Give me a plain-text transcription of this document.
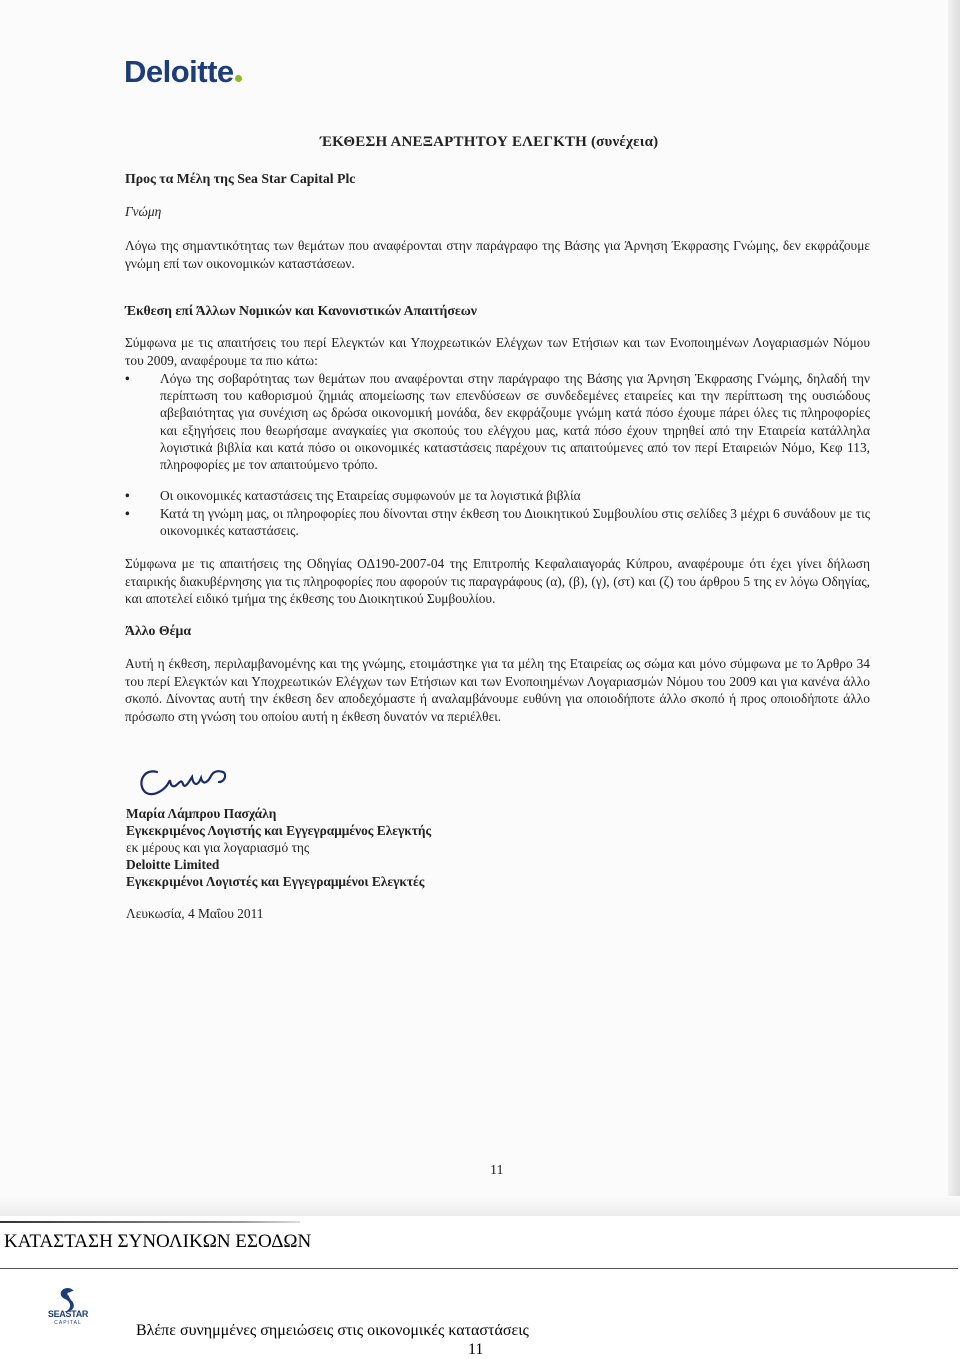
Deloitte
ΈΚΘΕΣΗ ΑΝΕΞΑΡΤΗΤΟΥ ΕΛΕΓΚΤΗ (συνέχεια)
Προς τα Μέλη της Sea Star Capital Plc
Γνώμη

Λόγω της σημαντικότητας των θεμάτων που αναφέρονται στην παράγραφο της Βάσης για Άρνηση Έκφρασης Γνώμης, δεν εκφράζουμε γνώμη επί των οικονομικών καταστάσεων.

Έκθεση επί Άλλων Νομικών και Κανονιστικών Απαιτήσεων

Σύμφωνα με τις απαιτήσεις του περί Ελεγκτών και Υποχρεωτικών Ελέγχων των Ετήσιων και των Ενοποιημένων Λογαριασμών Νόμου του 2009, αναφέρουμε τα πιο κάτω:

•	Λόγω της σοβαρότητας των θεμάτων που αναφέρονται στην παράγραφο της Βάσης για Άρνηση Έκφρασης Γνώμης, δηλαδή την περίπτωση του καθορισμού ζημιάς απομείωσης των επενδύσεων σε συνδεδεμένες εταιρείες και την περίπτωση της ουσιώδους αβεβαιότητας για συνέχιση ως δρώσα οικονομική μονάδα, δεν εκφράζουμε γνώμη κατά πόσο έχουμε πάρει όλες τις πληροφορίες και εξηγήσεις που θεωρήσαμε αναγκαίες για σκοπούς του ελέγχου μας, κατά πόσο έχουν τηρηθεί από την Εταιρεία κατάλληλα λογιστικά βιβλία και κατά πόσο οι οικονομικές καταστάσεις παρέχουν τις απαιτούμενες από τον περί Εταιρειών Νόμο, Κεφ 113, πληροφορίες με τον απαιτούμενο τρόπο.
•	Οι οικονομικές καταστάσεις της Εταιρείας συμφωνούν με τα λογιστικά βιβλία
•	Κατά τη γνώμη μας, οι πληροφορίες που δίνονται στην έκθεση του Διοικητικού Συμβουλίου στις σελίδες 3 μέχρι 6 συνάδουν με τις οικονομικές καταστάσεις.

Σύμφωνα με τις απαιτήσεις της Οδηγίας ΟΔ190-2007-04 της Επιτροπής Κεφαλαιαγοράς Κύπρου, αναφέρουμε ότι έχει γίνει δήλωση εταιρικής διακυβέρνησης για τις πληροφορίες που αφορούν τις παραγράφους (α), (β), (γ), (στ) και (ζ) του άρθρου 5 της εν λόγω Οδηγίας, και αποτελεί ειδικό τμήμα της έκθεσης του Διοικητικού Συμβουλίου.

Άλλο Θέμα

Αυτή η έκθεση, περιλαμβανομένης και της γνώμης, ετοιμάστηκε για τα μέλη της Εταιρείας ως σώμα και μόνο σύμφωνα με το Άρθρο 34 του περί Ελεγκτών και Υποχρεωτικών Ελέγχων των Ετήσιων και των Ενοποιημένων Λογαριασμών Νόμου του 2009 και για κανένα άλλο σκοπό. Δίνοντας αυτή την έκθεση δεν αποδεχόμαστε ή αναλαμβάνουμε ευθύνη για οποιοδήποτε άλλο σκοπό ή προς οποιοδήποτε άλλο πρόσωπο στη γνώση του οποίου αυτή η έκθεση δυνατόν να περιέλθει.

Μαρία Λάμπρου Πασχάλη
Εγκεκριμένος Λογιστής και Εγγεγραμμένος Ελεγκτής
εκ μέρους και για λογαριασμό της
Deloitte Limited
Εγκεκριμένοι Λογιστές και Εγγεγραμμένοι Ελεγκτές
Λευκωσία, 4 Μαΐου 2011
11
ΚΑΤΑΣΤΑΣΗ ΣΥΝΟΛΙΚΩΝ ΕΣΟΔΩΝ
SEASTAR
CAPITAL	Βλέπε συνημμένες σημειώσεις στις οικονομικές καταστάσεις
11
